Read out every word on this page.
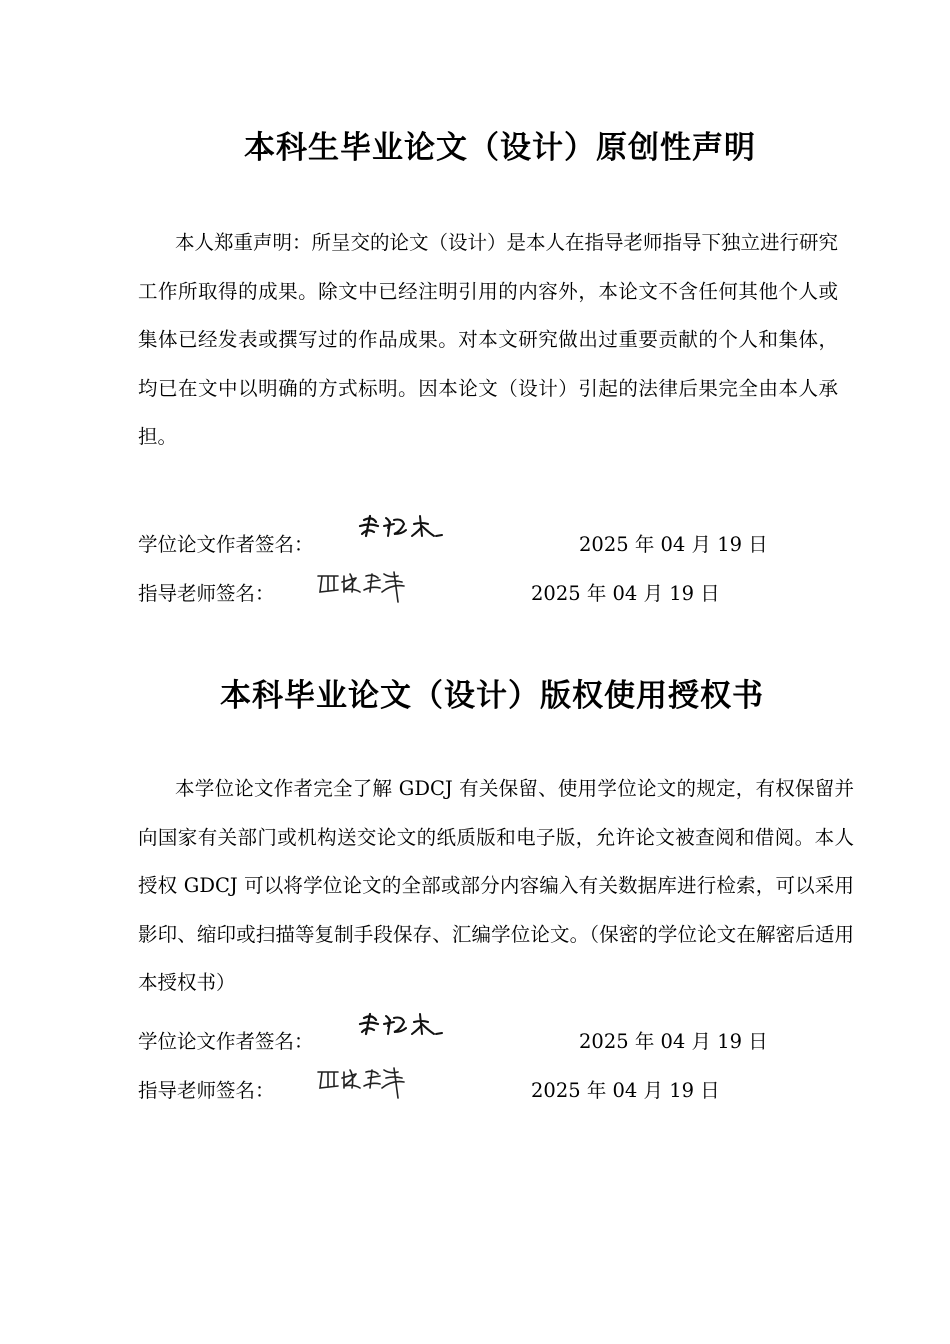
本科生毕业论文（设计）原创性声明

本人郑重声明：所呈交的论文（设计）是本人在指导老师指导下独立进行研究工作所取得的成果。除文中已经注明引用的内容外，本论文不含任何其他个人或集体已经发表或撰写过的作品成果。对本文研究做出过重要贡献的个人和集体，均已在文中以明确的方式标明。因本论文（设计）引起的法律后果完全由本人承担。

学位论文作者签名：	2025 年 04 月 19 日
指导老师签名：	2025 年 04 月 19 日
本科毕业论文（设计）版权使用授权书

本学位论文作者完全了解 GDCJ 有关保留、使用学位论文的规定，有权保留并向国家有关部门或机构送交论文的纸质版和电子版，允许论文被查阅和借阅。本人授权 GDCJ 可以将学位论文的全部或部分内容编入有关数据库进行检索，可以采用影印、缩印或扫描等复制手段保存、汇编学位论文。（保密的学位论文在解密后适用本授权书）

学位论文作者签名：	2025 年 04 月 19 日
指导老师签名：	2025 年 04 月 19 日
